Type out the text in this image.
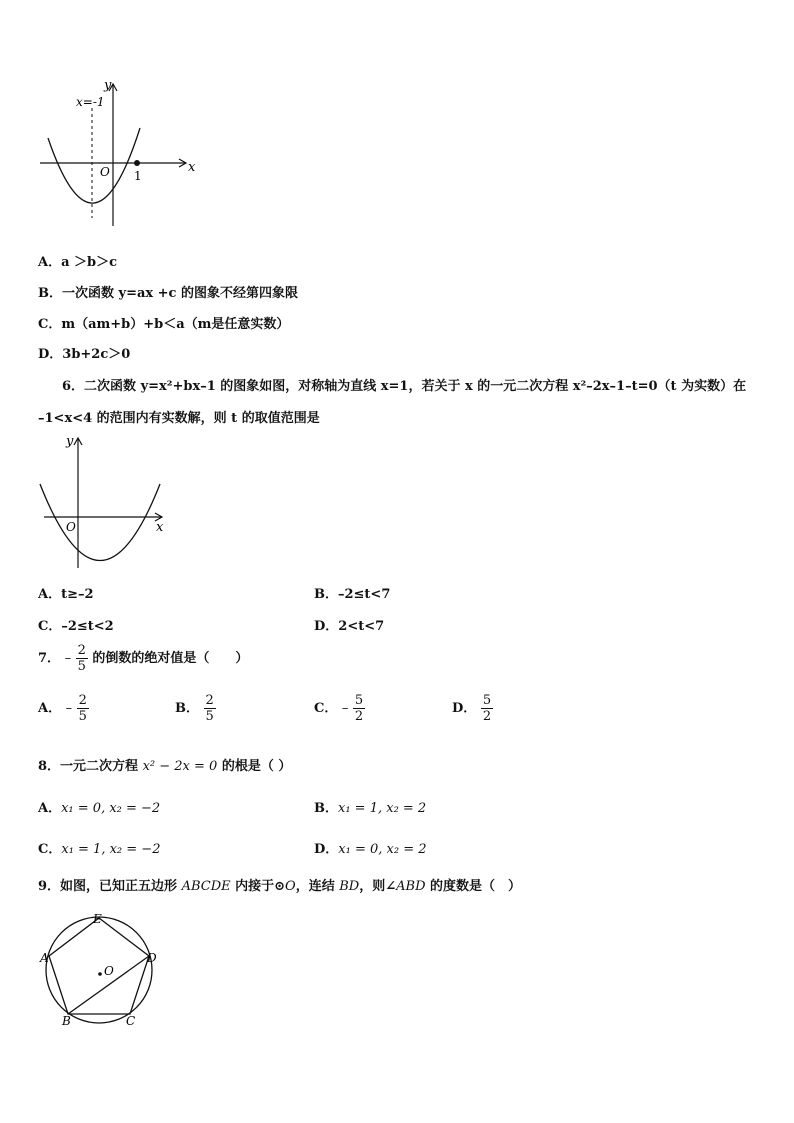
y
x
x=-1
O 1
A．a ＞b＞c
B．一次函数 y=ax +c 的图象不经第四象限
C．m（am+b）+b＜a（m是任意实数）
D．3b+2c＞0
6．二次函数 y=x²+bx–1 的图象如图，对称轴为直线 x=1，若关于 x 的一元二次方程 x²–2x–1–t=0（t 为实数）在
–1<x<4 的范围内有实数解，则 t 的取值范围是
y
x
O
A．t≥–2	B．–2≤t<7
C．–2≤t<2	D．2<t<7
7． – $\frac{2}{5}$ 的倒数的绝对值是（　　）
A． – $\frac{2}{5}$	B． $\frac{2}{5}$	C． – $\frac{5}{2}$	D． $\frac{5}{2}$
8．一元二次方程 x² − 2x = 0 的根是（ ）
A．x₁ = 0, x₂ = −2	B．x₁ = 1, x₂ = 2
C．x₁ = 1, x₂ = −2	D．x₁ = 0, x₂ = 2
9．如图，已知正五边形 ABCDE 内接于⊙O，连结 BD，则∠ABD 的度数是（　）
E
D
A
B	C
O
